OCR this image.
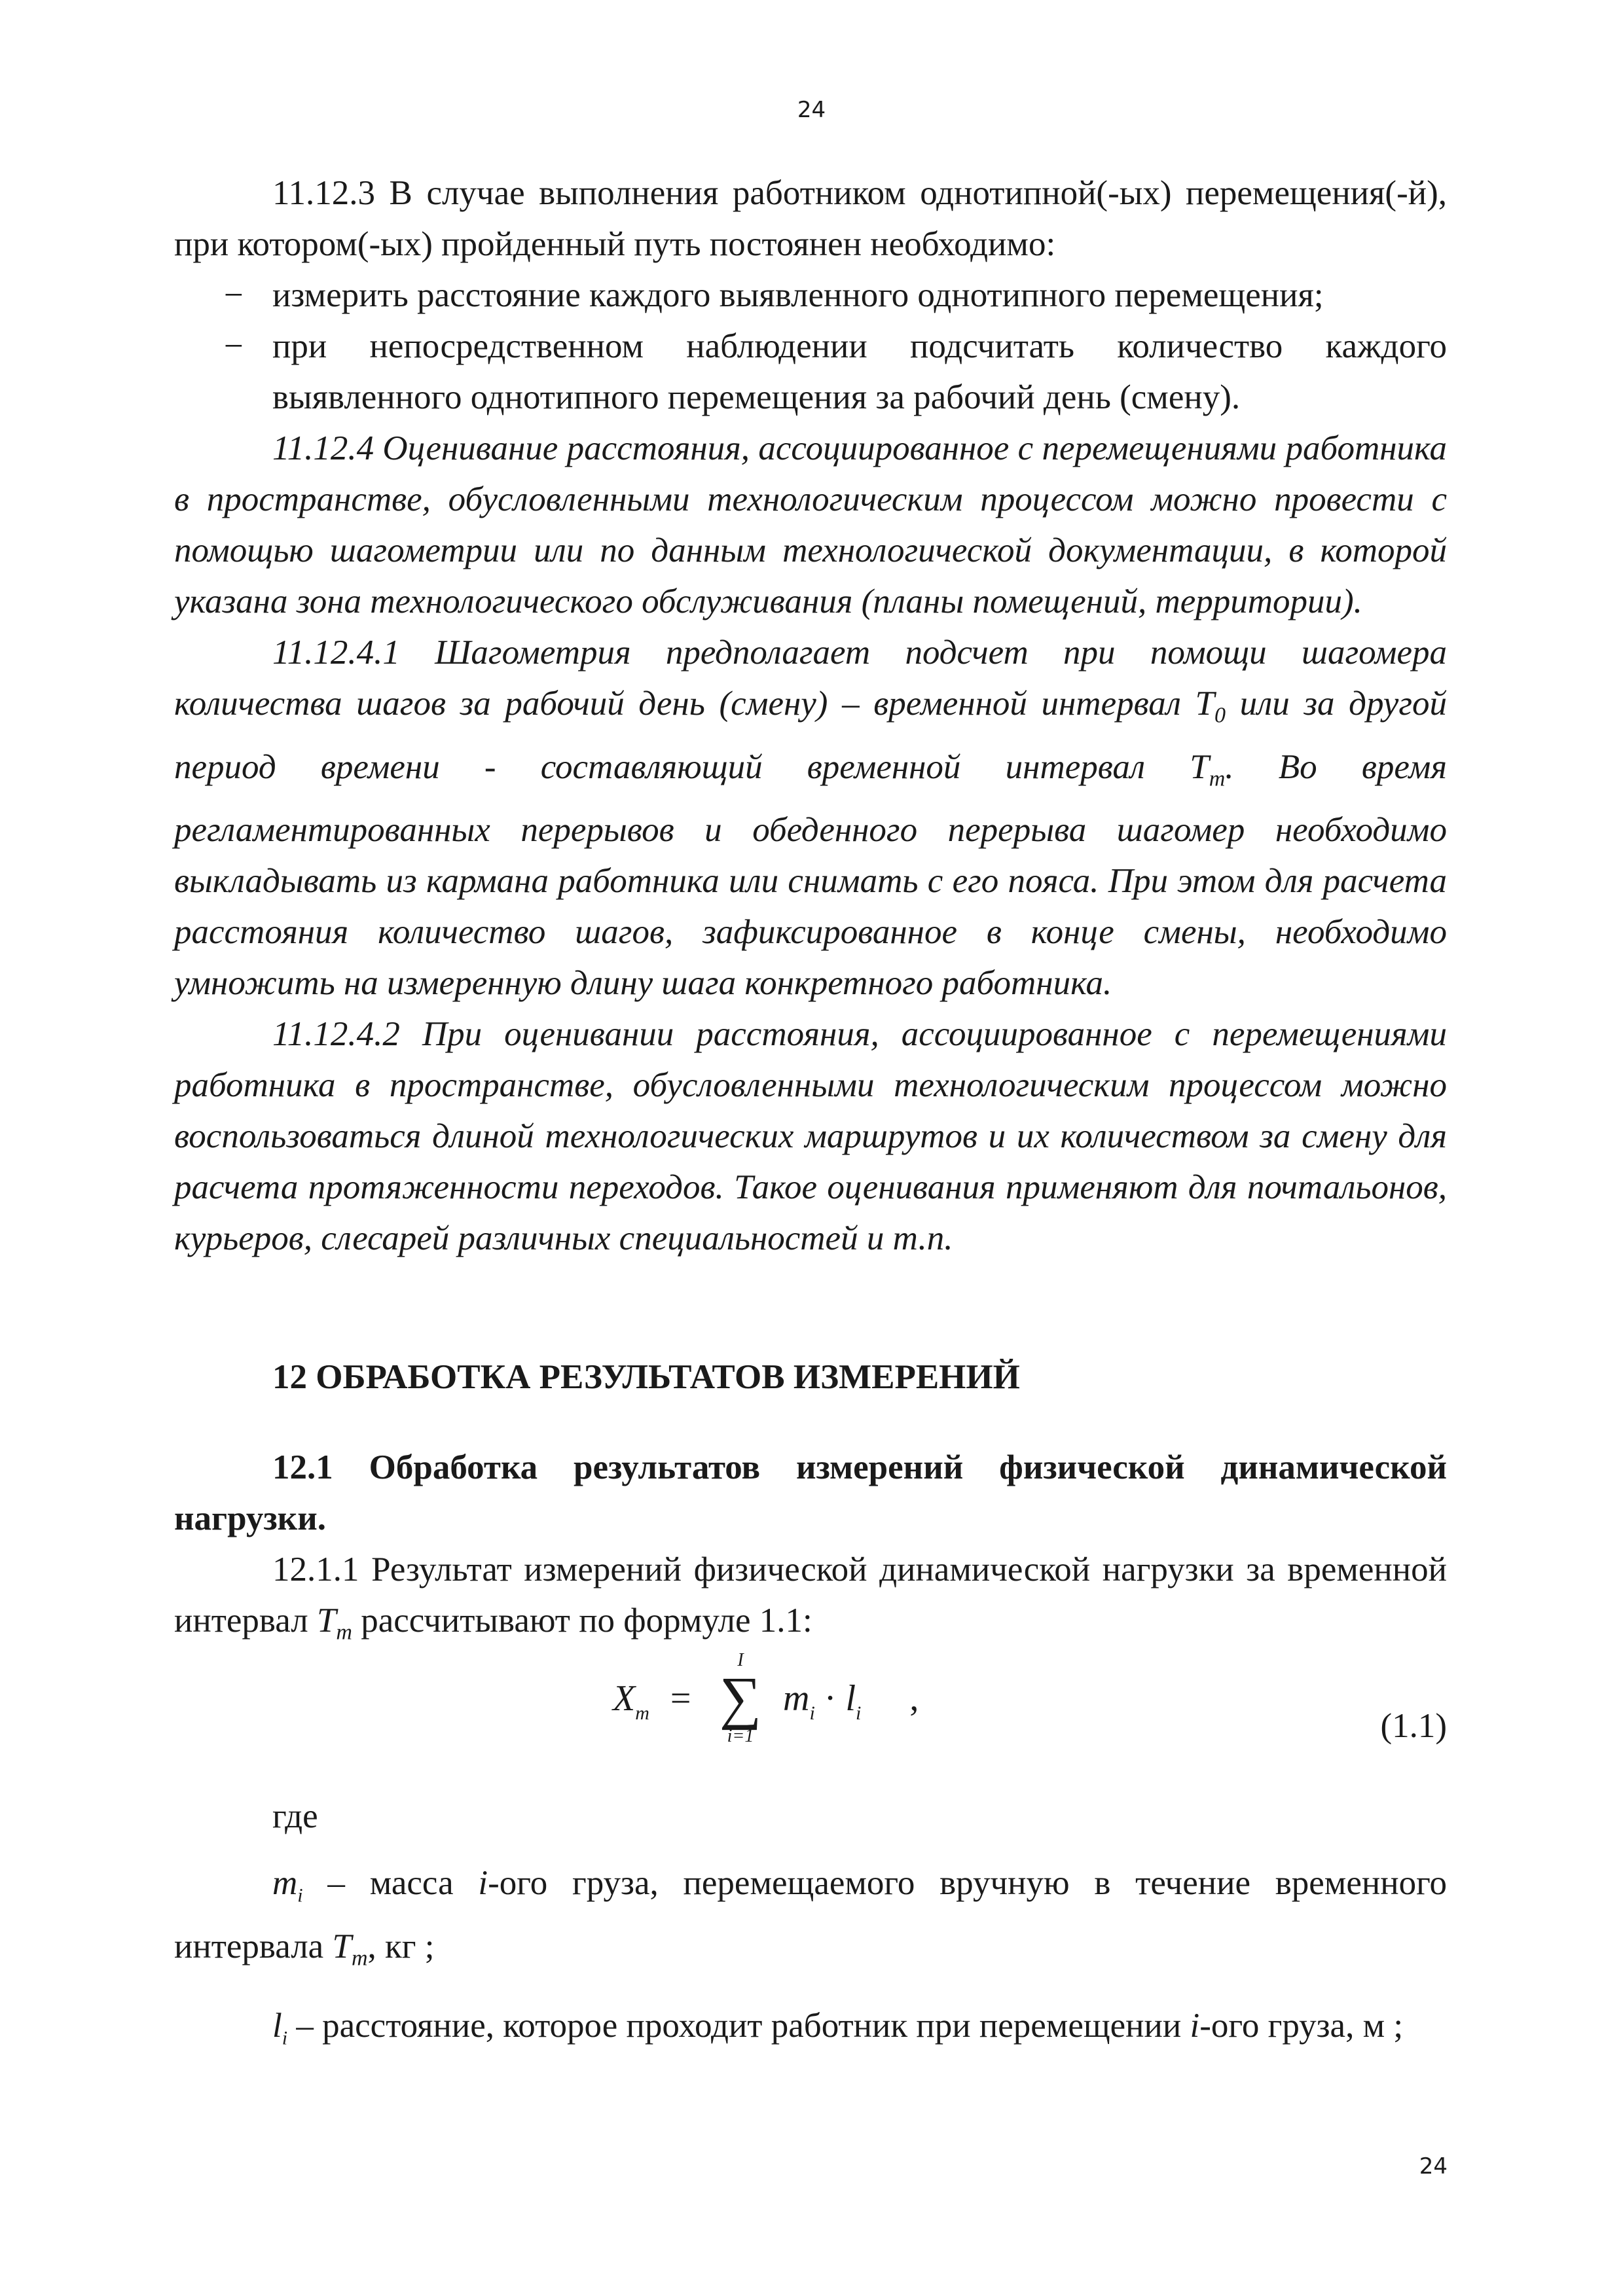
24

11.12.3 В случае выполнения работником однотипной(-ых) перемещения(-й), при котором(-ых) пройденный путь постоянен необходимо:

− измерить расстояние каждого выявленного однотипного перемещения;
− при непосредственном наблюдении подсчитать количество каждого выявленного однотипного перемещения за рабочий день (смену).

11.12.4 Оценивание расстояния, ассоциированное с перемещениями работника в пространстве, обусловленными технологическим процессом можно провести с помощью шагометрии или по данным технологической документации, в которой указана зона технологического обслуживания (планы помещений, территории).

11.12.4.1 Шагометрия предполагает подсчет при помощи шагомера количества шагов за рабочий день (смену) – временной интервал $T_0$ или за другой период времени - составляющий временной интервал $T_m$. Во время регламентированных перерывов и обеденного перерыва шагомер необходимо выкладывать из кармана работника или снимать с его пояса. При этом для расчета расстояния количество шагов, зафиксированное в конце смены, необходимо умножить на измеренную длину шага конкретного работника.

11.12.4.2 При оценивании расстояния, ассоциированное с перемещениями работника в пространстве, обусловленными технологическим процессом можно воспользоваться длиной технологических маршрутов и их количеством за смену для расчета протяженности переходов. Такое оценивания применяют для почтальонов, курьеров, слесарей различных специальностей и т.п.

12 ОБРАБОТКА РЕЗУЛЬТАТОВ ИЗМЕРЕНИЙ

12.1 Обработка результатов измерений физической динамической нагрузки.

12.1.1 Результат измерений физической динамической нагрузки за временной интервал $T_m$ рассчитывают по формуле 1.1:

$X_m$ =
I
∑
i=1
$m_i \cdot l_i$ ,
(1.1)

где

$m_i$ – масса i-ого груза, перемещаемого вручную в течение временного интервала $T_m$, кг ;

$l_i$ – расстояние, которое проходит работник при перемещении i-ого груза, м ;

24
